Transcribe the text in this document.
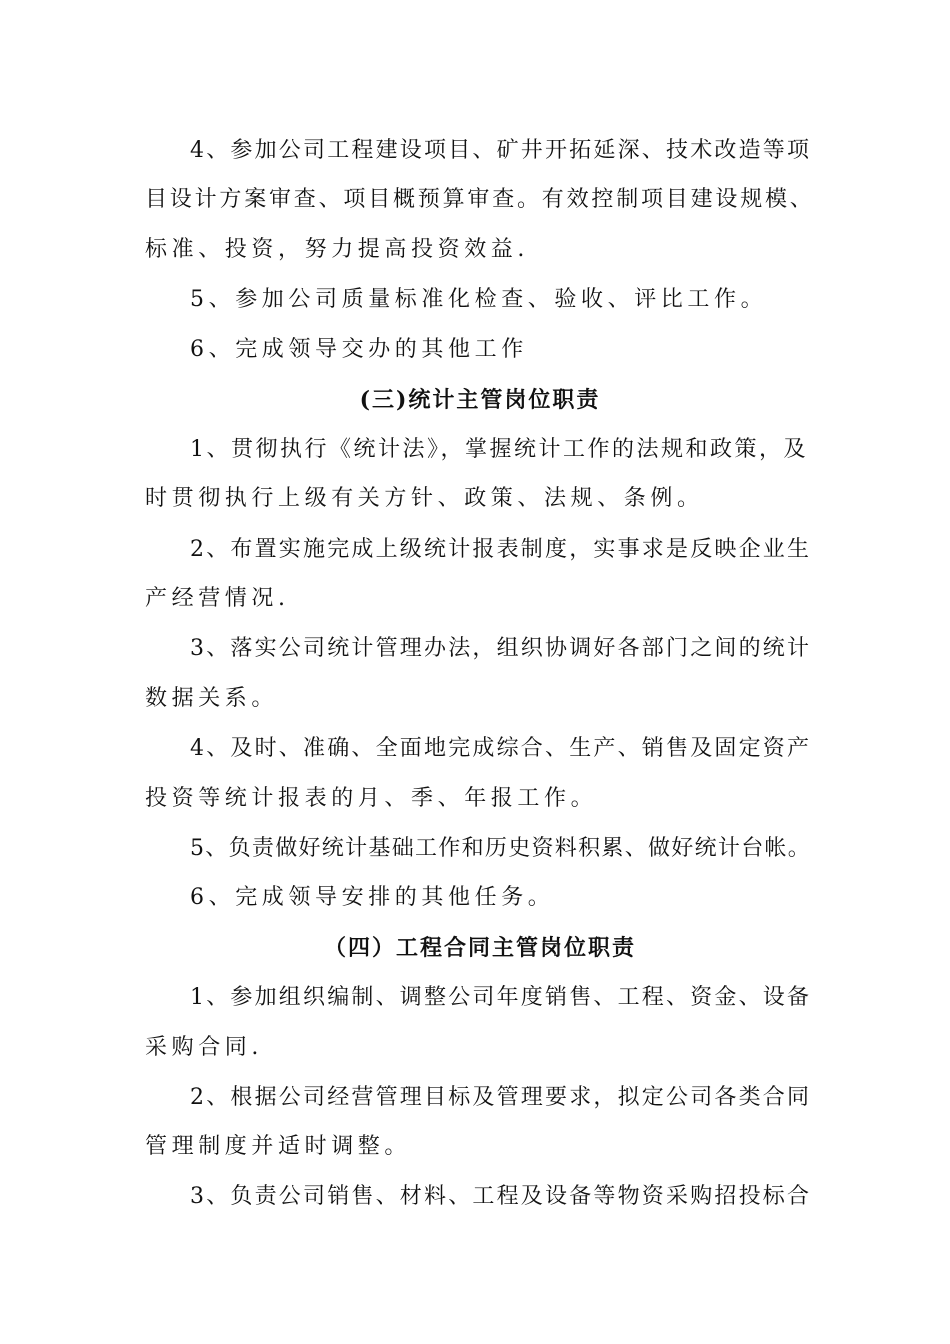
4、参加公司工程建设项目、矿井开拓延深、技术改造等项
目设计方案审查、项目概预算审查。有效控制项目建设规模、
标准、投资，努力提高投资效益.
5、参加公司质量标准化检查、验收、评比工作。
6、完成领导交办的其他工作
(三)统计主管岗位职责
1、贯彻执行《统计法》，掌握统计工作的法规和政策，及
时贯彻执行上级有关方针、政策、法规、条例。
2、布置实施完成上级统计报表制度，实事求是反映企业生
产经营情况.
3、落实公司统计管理办法，组织协调好各部门之间的统计
数据关系。
4、及时、准确、全面地完成综合、生产、销售及固定资产
投资等统计报表的月、季、年报工作。
5、负责做好统计基础工作和历史资料积累、做好统计台帐。
6、完成领导安排的其他任务。
（四）工程合同主管岗位职责
1、参加组织编制、调整公司年度销售、工程、资金、设备
采购合同.
2、根据公司经营管理目标及管理要求，拟定公司各类合同
管理制度并适时调整。
3、负责公司销售、材料、工程及设备等物资采购招投标合
